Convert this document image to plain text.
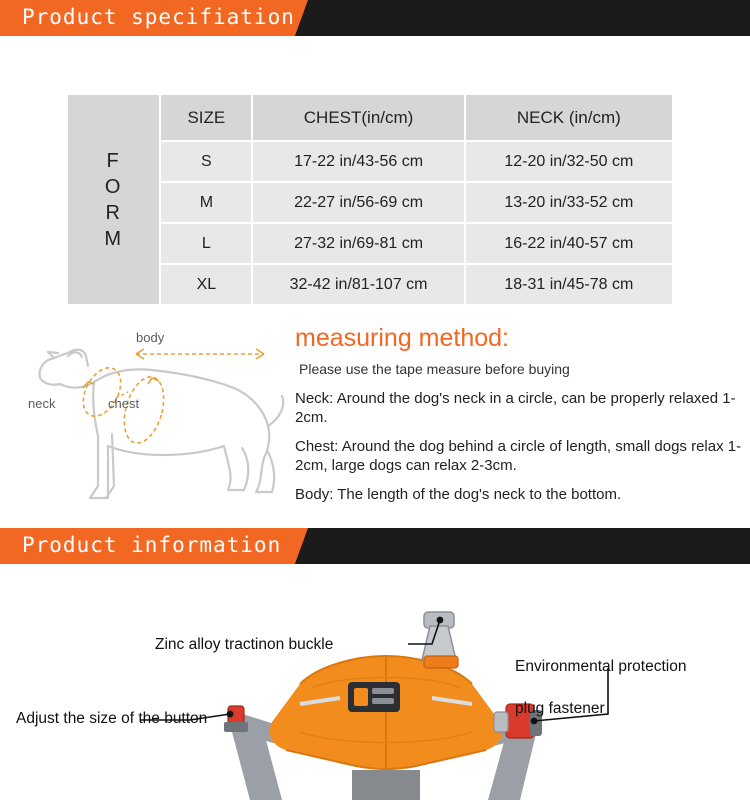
Product specifiation
F
O
R
M	SIZE	CHEST(in/cm)	NECK (in/cm)
	S	17-22 in/43-56 cm	12-20 in/32-50 cm
	M	22-27 in/56-69 cm	13-20 in/33-52 cm
	L	27-32 in/69-81 cm	16-22 in/40-57 cm
	XL	32-42 in/81-107 cm	18-31 in/45-78 cm
body
neck	chest
measuring method:

Please use the tape measure before buying

Neck: Around the dog's neck in a circle, can be properly relaxed 1-2cm.
Chest: Around the dog behind a circle of length, small dogs relax 1-2cm, large dogs can relax 2-3cm.
Body: The length of the dog's neck to the bottom.
Product information
Zinc alloy tractinon buckle
Environmental protection
plug fastener
Adjust the size of the button
